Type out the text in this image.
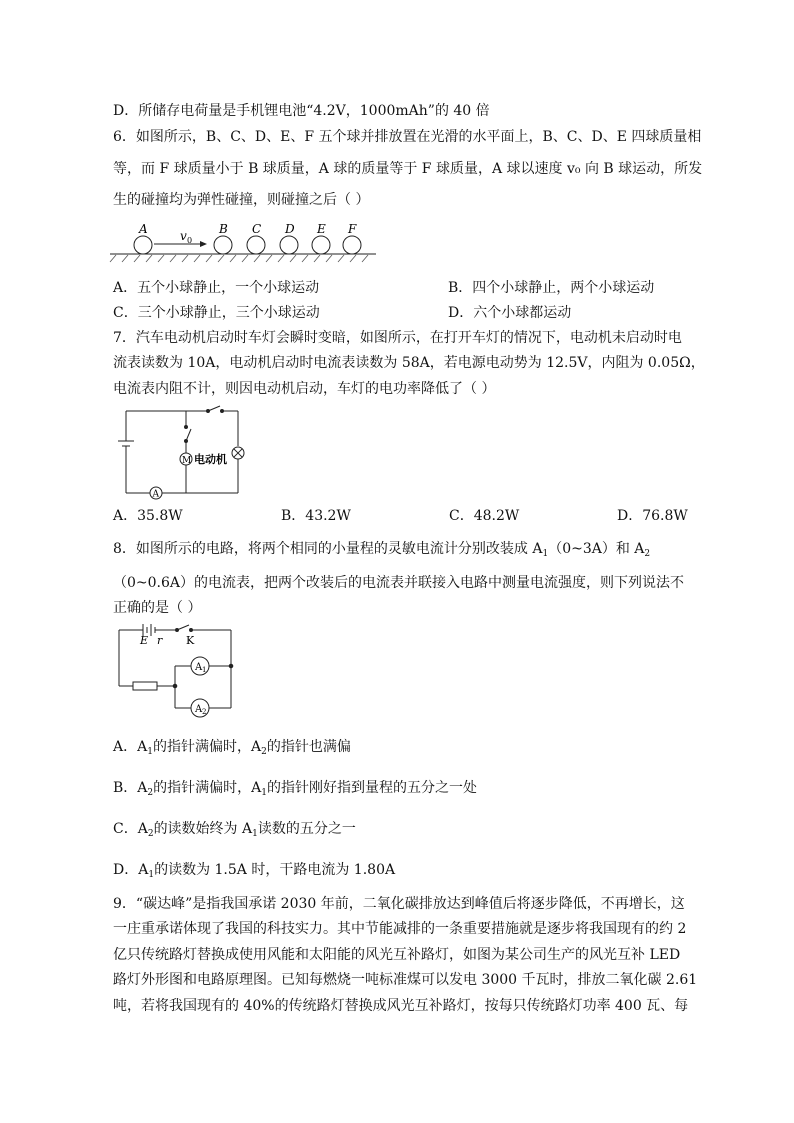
D．所储存电荷量是手机锂电池“4.2V，1000mAh”的 40 倍
6．如图所示，B、C、D、E、F 五个球并排放置在光滑的水平面上，B、C、D、E 四球质量相
等，而 F 球质量小于 B 球质量，A 球的质量等于 F 球质量，A 球以速度 v₀ 向 B 球运动，所发
生的碰撞均为弹性碰撞，则碰撞之后（ ）
A	B C D E F
v 0
A．五个小球静止，一个小球运动	B．四个小球静止，两个小球运动
C．三个小球静止，三个小球运动	D．六个小球都运动
7．汽车电动机启动时车灯会瞬时变暗，如图所示，在打开车灯的情况下，电动机未启动时电
流表读数为 10A，电动机启动时电流表读数为 58A，若电源电动势为 12.5V，内阻为 0.05Ω，
电流表内阻不计，则因电动机启动，车灯的电功率降低了（ ）
M 电动机
A
A．35.8W	B．43.2W	C．48.2W	D．76.8W
8．如图所示的电路，将两个相同的小量程的灵敏电流计分别改装成 $A_1(0\sim 3A)$和 $A_2$
（0~0.6A）的电流表，把两个改装后的电流表并联接入电路中测量电流强度，则下列说法不
正确的是（ ）
E r K
A 1
A 2
A．$A_1$的指针满偏时，$A_2$的指针也满偏
B．$A_2$的指针满偏时，$A_1$的指针刚好指到量程的五分之一处
C．$A_2$的读数始终为 $A_1$读数的五分之一
D．$A_1$的读数为 1.5A 时，干路电流为 1.80A
9．“碳达峰”是指我国承诺 2030 年前，二氧化碳排放达到峰值后将逐步降低，不再增长，这
一庄重承诺体现了我国的科技实力。其中节能减排的一条重要措施就是逐步将我国现有的约 2
亿只传统路灯替换成使用风能和太阳能的风光互补路灯，如图为某公司生产的风光互补 LED
路灯外形图和电路原理图。已知每燃烧一吨标准煤可以发电 3000 千瓦时，排放二氧化碳 2.61
吨，若将我国现有的 40%的传统路灯替换成风光互补路灯，按每只传统路灯功率 400 瓦、每
